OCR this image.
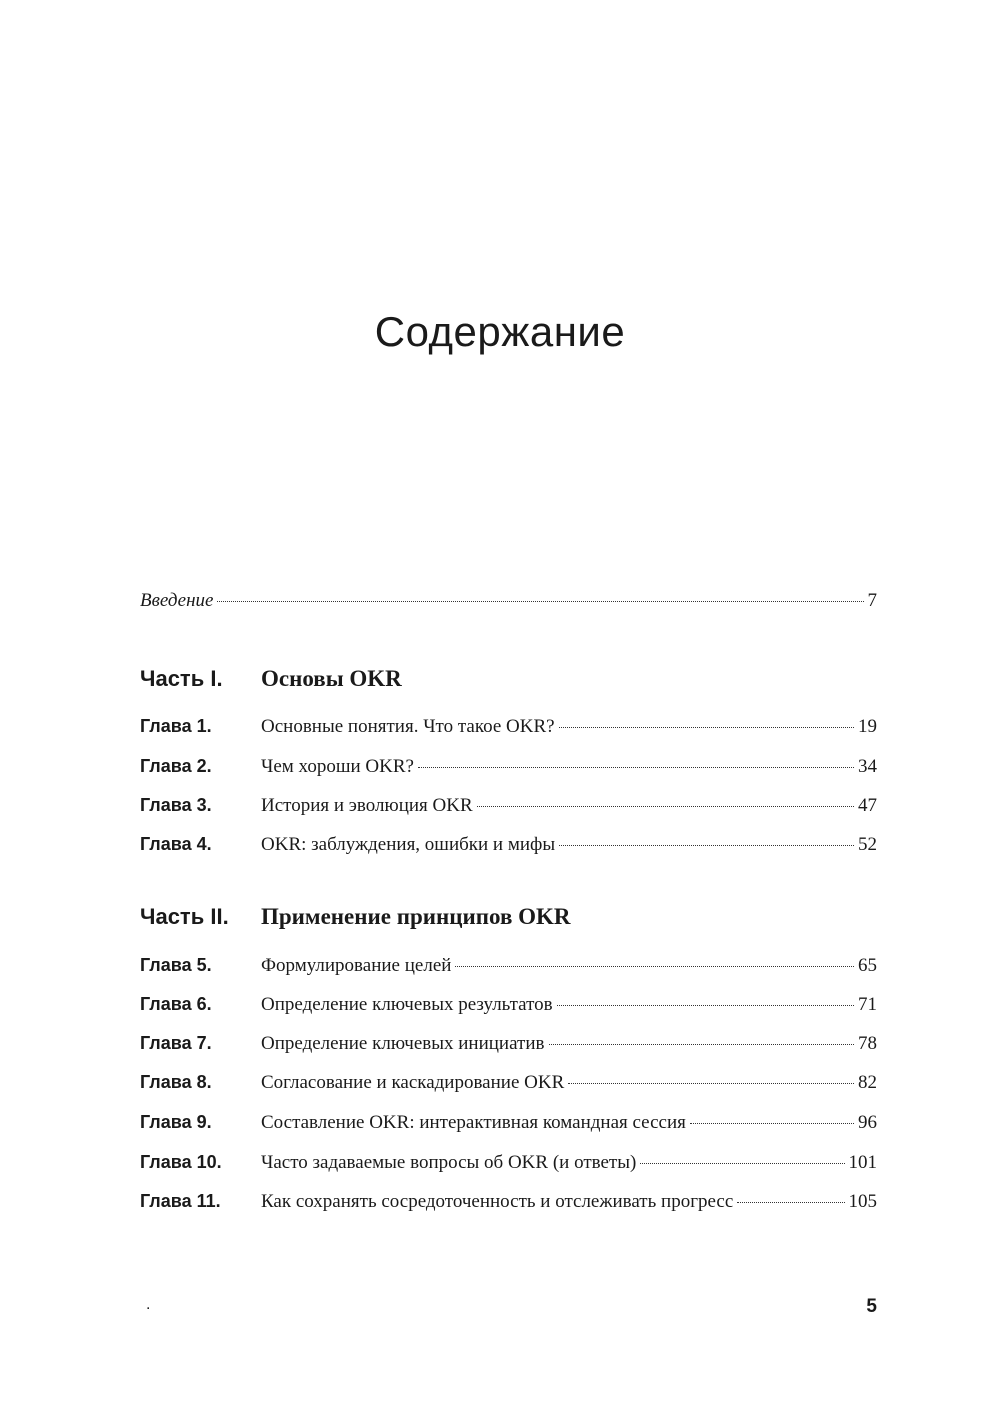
Содержание
Введение	7
Часть I.	Основы OKR
Глава 1.	Основные понятия. Что такое OKR?	19
Глава 2.	Чем хороши OKR?	34
Глава 3.	История и эволюция OKR	47
Глава 4.	OKR: заблуждения, ошибки и мифы	52
Часть II.	Применение принципов OKR
Глава 5.	Формулирование целей	65
Глава 6.	Определение ключевых результатов	71
Глава 7.	Определение ключевых инициатив	78
Глава 8.	Согласование и каскадирование OKR	82
Глава 9.	Составление OKR: интерактивная командная сессия	96
Глава 10.	Часто задаваемые вопросы об OKR (и ответы)	101
Глава 11.	Как сохранять сосредоточенность и отслеживать прогресс	105
.	5
